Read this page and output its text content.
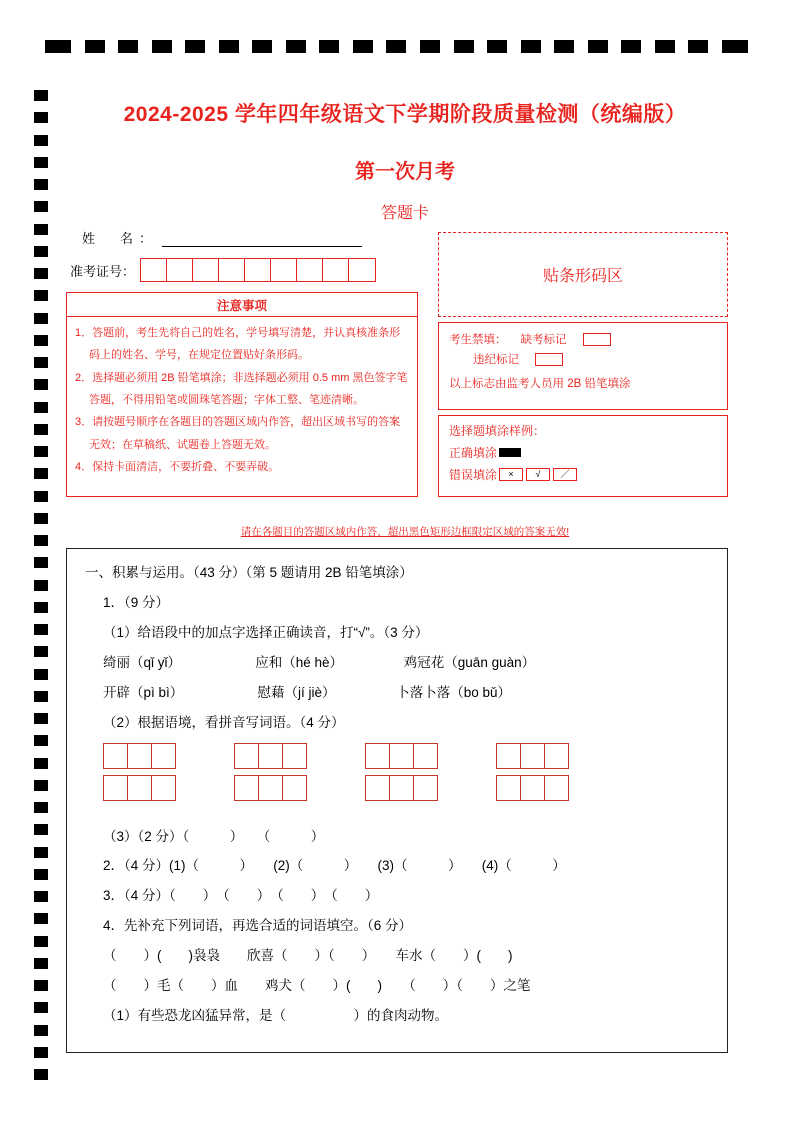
2024-2025 学年四年级语文下学期阶段质量检测（统编版）
第一次月考
答题卡
姓　名：
准考证号：
注意事项
1．答题前，考生先将自己的姓名，学号填写清楚，并认真核准条形
码上的姓名、学号，在规定位置贴好条形码。
2．选择题必须用 2B 铅笔填涂；非选择题必须用 0.5 mm 黑色签字笔
答题，不得用铅笔或圆珠笔答题；字体工整、笔迹清晰。
3．请按题号顺序在各题目的答题区域内作答，超出区域书写的答案
无效；在草稿纸、试题卷上答题无效。
4．保持卡面清洁，不要折叠、不要弄破。
贴条形码区
考生禁填： 缺考标记
违纪标记
以上标志由监考人员用 2B 铅笔填涂
选择题填涂样例：
正确填涂
错误填涂	×	√	／
请在各题目的答题区域内作答，超出黑色矩形边框限定区域的答案无效!
一、积累与运用。（43 分）（第 5 题请用 2B 铅笔填涂）
1．（9 分）
（1）给语段中的加点字选择正确读音，打“√”。（3 分）
绮丽（qǐ yǐ）　　　　　　应和（hé hè）　　　　　鸡冠花（guān guàn）
开辟（pì bì）　　　　　　慰藉（jí jiè）　　　　　卜落卜落（bo bǔ）
（2）根据语境，看拼音写词语。（4 分）
（3）（2 分）（　　　）　　（　　　）
2．（4 分）(1)（　　　）　　(2)（　　　）　　(3)（　　　）　　(4)（　　　）
3．（4 分）（　　）　（　　）　（　　）　（　　）
4．先补充下列词语，再选合适的词语填空。（6 分）
（　　）(　　)袅袅　　欣喜（　　）（　　）　　车水（　　）(　　)
（　　）毛（　　）血　　鸡犬（　　）(　　)　　（　　）（　　）之笔
（1）有些恐龙凶猛异常，是（　　　　　）的食肉动物。
